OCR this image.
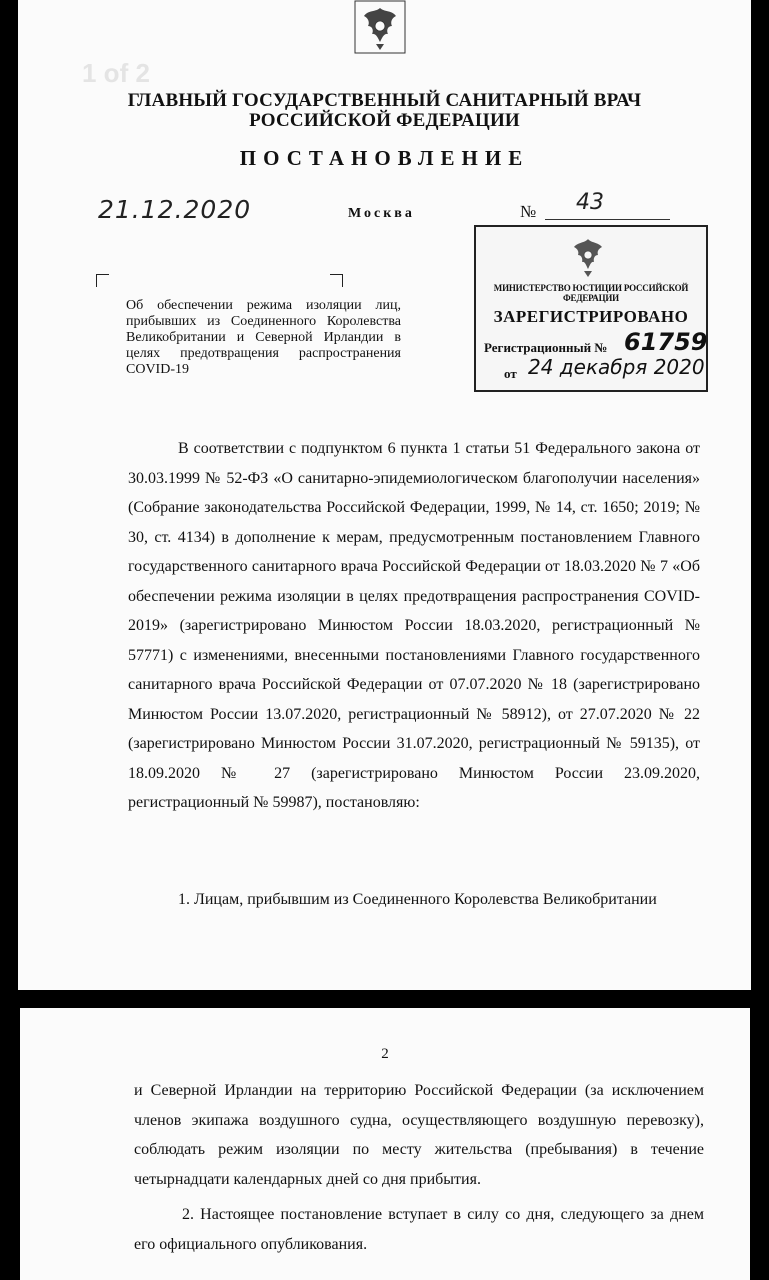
1 of 2
ГЛАВНЫЙ ГОСУДАРСТВЕННЫЙ САНИТАРНЫЙ ВРАЧ
РОССИЙСКОЙ ФЕДЕРАЦИИ
ПОСТАНОВЛЕНИЕ
21.12.2020	Москва	№ 43
Об обеспечении режима изоляции лиц, прибывших из Соединенного Королевства Великобритании и Северной Ирландии в целях предотвращения распространения COVID-19
МИНИСТЕРСТВО ЮСТИЦИИ РОССИЙСКОЙ ФЕДЕРАЦИИ
ЗАРЕГИСТРИРОВАНО
Регистрационный № 61759
от 24 декабря 2020
В соответствии с подпунктом 6 пункта 1 статьи 51 Федерального закона от 30.03.1999 № 52-ФЗ «О санитарно-эпидемиологическом благополучии населения» (Собрание законодательства Российской Федерации, 1999, № 14, ст. 1650; 2019; № 30, ст. 4134) в дополнение к мерам, предусмотренным постановлением Главного государственного санитарного врача Российской Федерации от 18.03.2020 № 7 «Об обеспечении режима изоляции в целях предотвращения распространения COVID-2019» (зарегистрировано Минюстом России 18.03.2020, регистрационный № 57771) с изменениями, внесенными постановлениями Главного государственного санитарного врача Российской Федерации от 07.07.2020 № 18 (зарегистрировано Минюстом России 13.07.2020, регистрационный № 58912), от 27.07.2020 № 22 (зарегистрировано Минюстом России 31.07.2020, регистрационный № 59135), от 18.09.2020 № 27 (зарегистрировано Минюстом России 23.09.2020, регистрационный № 59987), постановляю:
1. Лицам, прибывшим из Соединенного Королевства Великобритании
2
и Северной Ирландии на территорию Российской Федерации (за исключением членов экипажа воздушного судна, осуществляющего воздушную перевозку), соблюдать режим изоляции по месту жительства (пребывания) в течение четырнадцати календарных дней со дня прибытия.
2. Настоящее постановление вступает в силу со дня, следующего за днем его официального опубликования.
